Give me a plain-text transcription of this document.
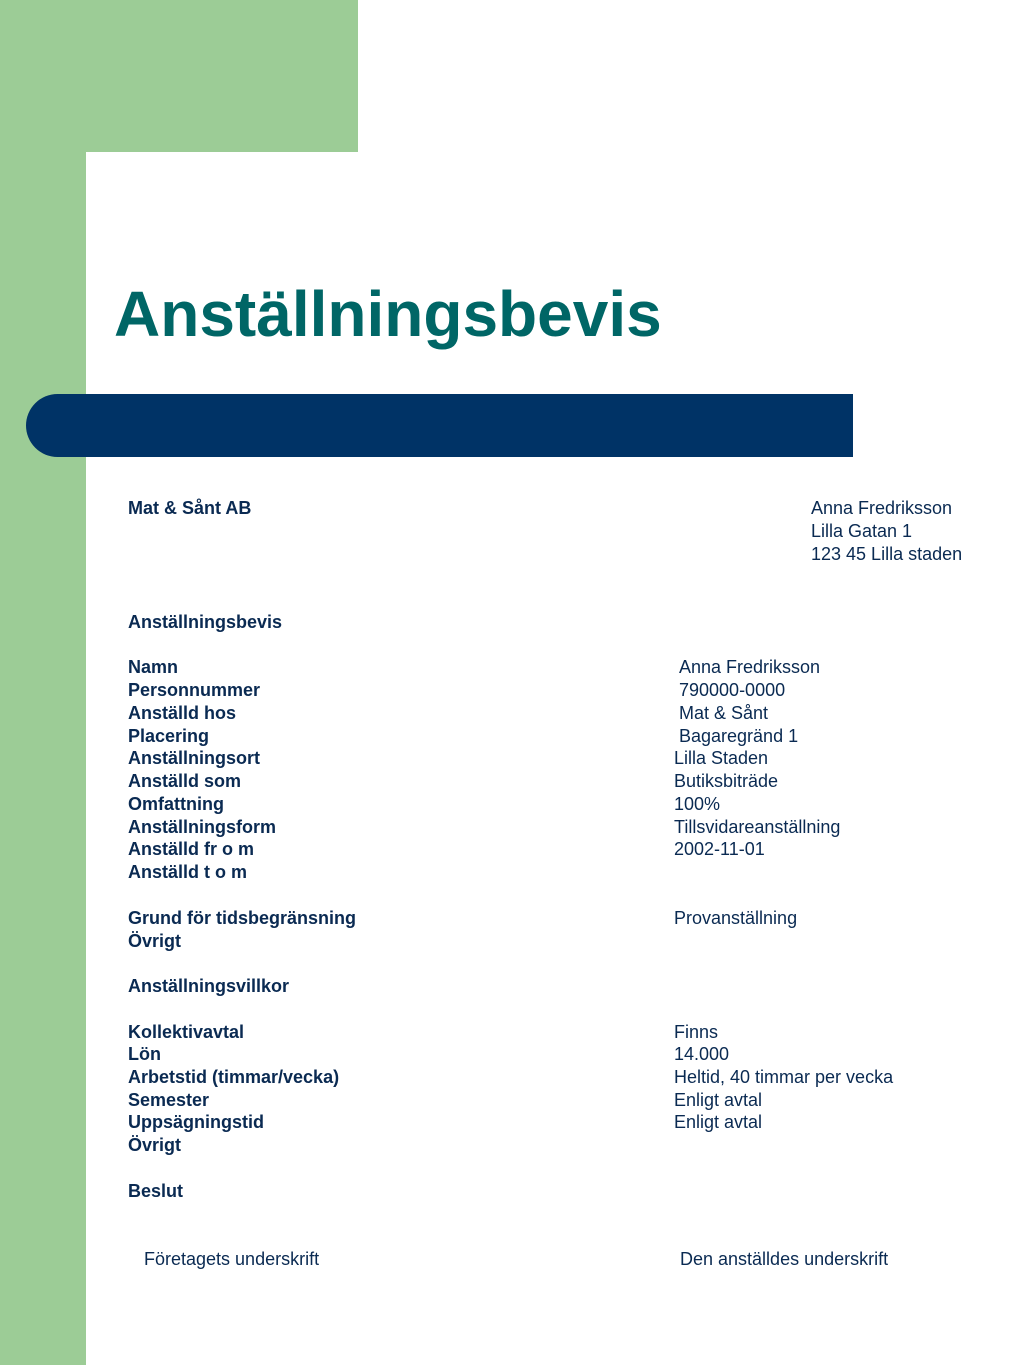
Anställningsbevis
Mat & Sånt AB	Anna Fredriksson
Lilla Gatan 1
123 45 Lilla staden
Anställningsbevis
Namn	Anna Fredriksson
Personnummer	790000-0000
Anställd hos	Mat & Sånt
Placering	Bagaregränd 1
Anställningsort	Lilla Staden
Anställd som	Butiksbiträde
Omfattning	100%
Anställningsform	Tillsvidareanställning
Anställd fr o m	2002-11-01
Anställd t o m
Grund för tidsbegränsning	Provanställning
Övrigt
Anställningsvillkor
Kollektivavtal	Finns
Lön	14.000
Arbetstid (timmar/vecka)	Heltid, 40 timmar per vecka
Semester	Enligt avtal
Uppsägningstid	Enligt avtal
Övrigt
Beslut
Företagets underskrift	Den anställdes underskrift
